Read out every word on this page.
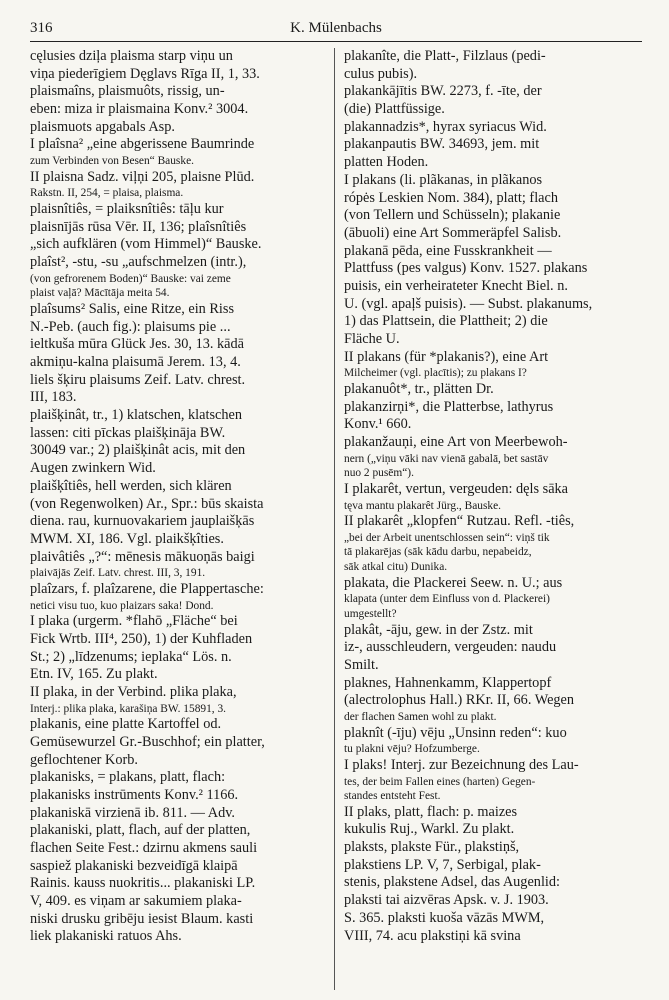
316	K. Mülenbachs
cęlusies dziļa plaisma starp viņu un
viņa piederīgiem Dęglavs Rīga II, 1, 33.
plaismaîns, plaismuôts, rissig, un-
eben: miza ir plaismaina Konv.² 3004.
plaismuots apgabals Asp.
I plaîsna² „eine abgerissene Baumrinde
zum Verbinden von Besen“ Bauske.
II plaisna Sadz. viļņi 205, plaisne Plūd.
Rakstn. II, 254, = plaisa, plaisma.
plaisnîtiês, = plaiksnîtiês: tāļu kur
plaisnījās rūsa Vēr. II, 136; plaîsnîtiês
„sich aufklären (vom Himmel)“ Bauske.
plaîst², -stu, -su „aufschmelzen (intr.),
(von gefrorenem Boden)“ Bauske: vai zeme
plaist vaļā? Mācītāja meita 54.
plaîsums² Salis, eine Ritze, ein Riss
N.-Peb. (auch fig.): plaisums pie ...
ieltkuša mūra Glück Jes. 30, 13. kādā
akmiņu-kalna plaisumā Jerem. 13, 4.
liels šķiru plaisums Zeif. Latv. chrest.
III, 183.
plaišķinât, tr., 1) klatschen, klatschen
lassen: citi pīckas plaišķināja BW.
30049 var.; 2) plaišķinât acis, mit den
Augen zwinkern Wid.
plaišķîtiês, hell werden, sich klären
(von Regenwolken) Ar., Spr.: būs skaista
diena. rau, kurnuovakariem jauplaišķās
MWM. XI, 186. Vgl. plaikšķîties.
plaivâtiês „?“: mēnesis mākuoņās baigi
plaivājās Zeif. Latv. chrest. III, 3, 191.
plaîzars, f. plaîzarene, die Plappertasche:
netici visu tuo, kuo plaizars saka! Dond.
I plaka (urgerm. *flahō „Fläche“ bei
Fick Wrtb. III⁴, 250), 1) der Kuhfladen
St.; 2) „līdzenums; ieplaka“ Lös. n.
Etn. IV, 165. Zu plakt.
II plaka, in der Verbind. plika plaka,
Interj.: plika plaka, karašiņa BW. 15891, 3.
plakanis, eine platte Kartoffel od.
Gemüsewurzel Gr.-Buschhof; ein platter,
geflochtener Korb.
plakanisks, = plakans, platt, flach:
plakanisks instrūments Konv.² 1166.
plakaniskā virzienā ib. 811. — Adv.
plakaniski, platt, flach, auf der platten,
flachen Seite Fest.: dzirnu akmens sauli
saspiež plakaniski bezveidīgā klaipā
Rainis. kauss nuokritis... plakaniski LP.
V, 409. es viņam ar sakumiem plaka-
niski drusku gribēju iesist Blaum. kasti
liek plakaniski ratuos Ahs.
plakanîte, die Platt-, Filzlaus (pedi-
culus pubis).
plakankājītis BW. 2273, f. -īte, der
(die) Plattfüssige.
plakannadzis*, hyrax syriacus Wid.
plakanpautis BW. 34693, jem. mit
platten Hoden.
I plakans (li. plãkanas, in plãkanos
rópės Leskien Nom. 384), platt; flach
(von Tellern und Schüsseln); plakanie
(ābuoli) eine Art Sommeräpfel Salisb.
plakanā pēda, eine Fusskrankheit —
Plattfuss (pes valgus) Konv. 1527. plakans
puisis, ein verheirateter Knecht Biel. n.
U. (vgl. apaļš puisis). — Subst. plakanums,
1) das Plattsein, die Plattheit; 2) die
Fläche U.
II plakans (für *plakanis?), eine Art
Milcheimer (vgl. placītis); zu plakans I?
plakanuôt*, tr., plätten Dr.
plakanzirņi*, die Platterbse, lathyrus
Konv.¹ 660.
plakanžauņi, eine Art von Meerbewoh-
nern („viņu vāki nav vienā gabalā, bet sastāv
nuo 2 pusēm“).
I plakarêt, vertun, vergeuden: dęls sāka
tęva mantu plakarêt Jürg., Bauske.
II plakarêt „klopfen“ Rutzau. Refl. -tiês,
„bei der Arbeit unentschlossen sein“: viņš tik
tā plakarējas (sāk kādu darbu, nepabeidz,
sāk atkal citu) Dunika.
plakata, die Plackerei Seew. n. U.; aus
klapata (unter dem Einfluss von d. Plackerei)
umgestellt?
plakât, -āju, gew. in der Zstz. mit
iz-, ausschleudern, vergeuden: naudu
Smilt.
plaknes, Hahnenkamm, Klappertopf
(alectrolophus Hall.) RKr. II, 66. Wegen
der flachen Samen wohl zu plakt.
plaknît (-īju) vēju „Unsinn reden“: kuo
tu plakni vēju? Hofzumberge.
I plaks! Interj. zur Bezeichnung des Lau-
tes, der beim Fallen eines (harten) Gegen-
standes entsteht Fest.
II plaks, platt, flach: p. maizes
kukulis Ruj., Warkl. Zu plakt.
plaksts, plakste Für., plakstiņš,
plakstiens LP. V, 7, Serbigal, plak-
stenis, plakstene Adsel, das Augenlid:
plaksti tai aizvēras Apsk. v. J. 1903.
S. 365. plaksti kuoša vāzās MWM,
VIII, 74. acu plakstiņi kā svina
